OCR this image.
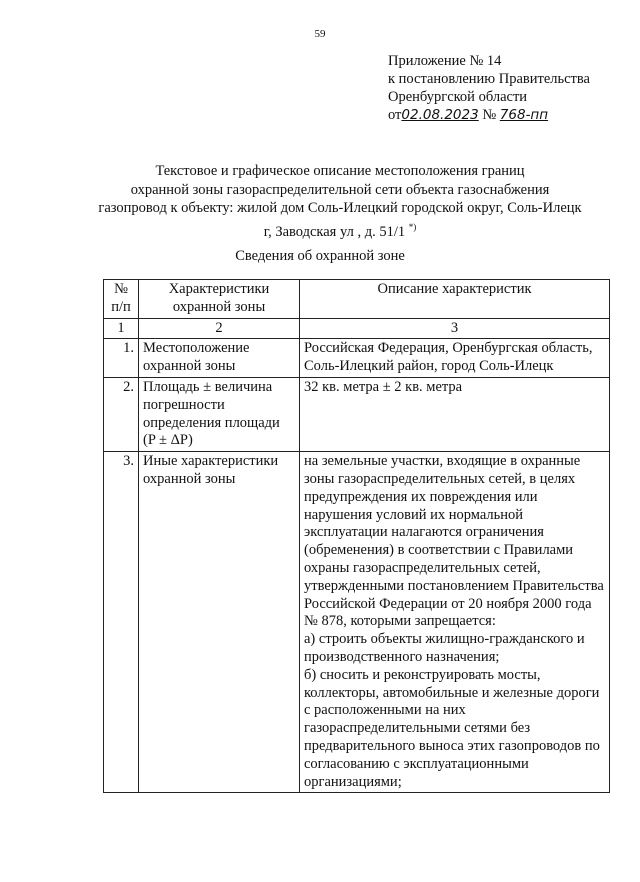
59
Приложение № 14
к постановлению Правительства
Оренбургской области
от02.08.2023 № 768-пп
Текстовое и графическое описание местоположения границ
охранной зоны газораспределительной сети объекта газоснабжения
газопровод к объекту: жилой дом Соль-Илецкий городской округ, Соль-Илецк
г, Заводская ул , д. 51/1 *)
Сведения об охранной зоне
№ п/п	Характеристики охранной зоны	Описание характеристик
1	2	3
1.	Местоположение охранной зоны	Российская Федерация, Оренбургская область, Соль-Илецкий район, город Соль-Илецк
2.	Площадь ± величина погрешности определения площади (P ± ΔP)	32 кв. метра ± 2 кв. метра
3.	Иные характеристики охранной зоны	на земельные участки, входящие в охранные зоны газораспределительных сетей, в целях предупреждения их повреждения или нарушения условий их нормальной эксплуатации налагаются ограничения (обременения) в соответствии с Правилами охраны газораспределительных сетей, утвержденными постановлением Правительства Российской Федерации от 20 ноября 2000 года № 878, которыми запрещается:
а) строить объекты жилищно-гражданского и производственного назначения;
б) сносить и реконструировать мосты, коллекторы, автомобильные и железные дороги с расположенными на них газораспределительными сетями без предварительного выноса этих газопроводов по согласованию с эксплуатационными организациями;
